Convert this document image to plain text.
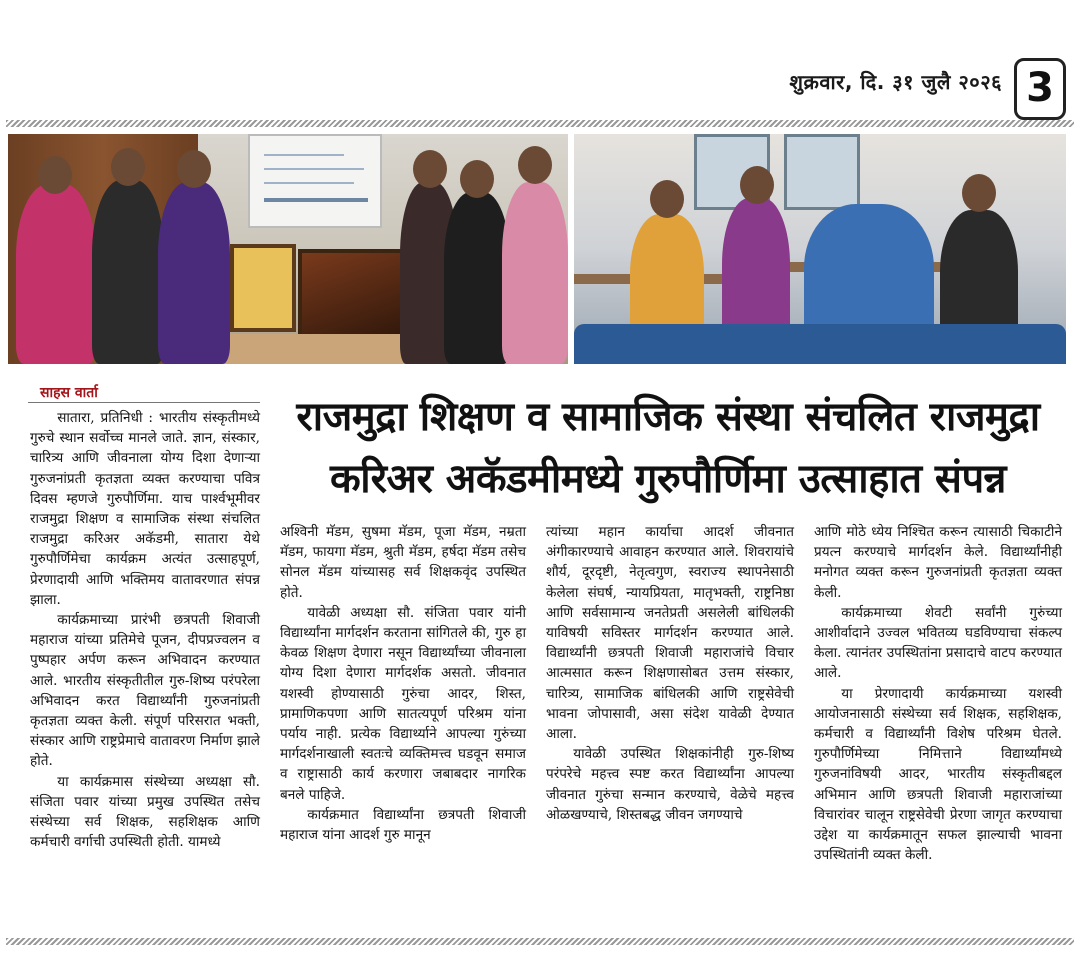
शुक्रवार, दि. ३१ जुलै २०२६ 3
साहस वार्ता
राजमुद्रा शिक्षण व सामाजिक संस्था संचलित राजमुद्रा
करिअर अकॅडमीमध्ये गुरुपौर्णिमा उत्साहात संपन्न

सातारा, प्रतिनिधी : भारतीय संस्कृतीमध्ये गुरुचे स्थान सर्वोच्च मानले जाते. ज्ञान, संस्कार, चारित्र्य आणि जीवनाला योग्य दिशा देणाऱ्या गुरुजनांप्रती कृतज्ञता व्यक्त करण्याचा पवित्र दिवस म्हणजे गुरुपौर्णिमा. याच पार्श्वभूमीवर राजमुद्रा शिक्षण व सामाजिक संस्था संचलित राजमुद्रा करिअर अकॅडमी, सातारा येथे गुरुपौर्णिमेचा कार्यक्रम अत्यंत उत्साहपूर्ण, प्रेरणादायी आणि भक्तिमय वातावरणात संपन्न झाला.

कार्यक्रमाच्या प्रारंभी छत्रपती शिवाजी महाराज यांच्या प्रतिमेचे पूजन, दीपप्रज्वलन व पुष्पहार अर्पण करून अभिवादन करण्यात आले. भारतीय संस्कृतीतील गुरु-शिष्य परंपरेला अभिवादन करत विद्यार्थ्यांनी गुरुजनांप्रती कृतज्ञता व्यक्त केली. संपूर्ण परिसरात भक्ती, संस्कार आणि राष्ट्रप्रेमाचे वातावरण निर्माण झाले होते.

या कार्यक्रमास संस्थेच्या अध्यक्षा सौ. संजिता पवार यांच्या प्रमुख उपस्थित तसेच संस्थेच्या सर्व शिक्षक, सहशिक्षक आणि कर्मचारी वर्गाची उपस्थिती होती. यामध्ये

अश्विनी मॅडम, सुषमा मॅडम, पूजा मॅडम, नम्रता मॅडम, फायगा मॅडम, श्रुती मॅडम, हर्षदा मॅडम तसेच सोनल मॅडम यांच्यासह सर्व शिक्षकवृंद उपस्थित होते.

यावेळी अध्यक्षा सौ. संजिता पवार यांनी विद्यार्थ्यांना मार्गदर्शन करताना सांगितले की, गुरु हा केवळ शिक्षण देणारा नसून विद्यार्थ्यांच्या जीवनाला योग्य दिशा देणारा मार्गदर्शक असतो. जीवनात यशस्वी होण्यासाठी गुरुंचा आदर, शिस्त, प्रामाणिकपणा आणि सातत्यपूर्ण परिश्रम यांना पर्याय नाही. प्रत्येक विद्यार्थ्याने आपल्या गुरुंच्या मार्गदर्शनाखाली स्वतःचे व्यक्तिमत्त्व घडवून समाज व राष्ट्रासाठी कार्य करणारा जबाबदार नागरिक बनले पाहिजे.

कार्यक्रमात विद्यार्थ्यांना छत्रपती शिवाजी महाराज यांना आदर्श गुरु मानून

त्यांच्या महान कार्याचा आदर्श जीवनात अंगीकारण्याचे आवाहन करण्यात आले. शिवरायांचे शौर्य, दूरदृष्टी, नेतृत्वगुण, स्वराज्य स्थापनेसाठी केलेला संघर्ष, न्यायप्रियता, मातृभक्ती, राष्ट्रनिष्ठा आणि सर्वसामान्य जनतेप्रती असलेली बांधिलकी याविषयी सविस्तर मार्गदर्शन करण्यात आले. विद्यार्थ्यांनी छत्रपती शिवाजी महाराजांचे विचार आत्मसात करून शिक्षणासोबत उत्तम संस्कार, चारित्र्य, सामाजिक बांधिलकी आणि राष्ट्रसेवेची भावना जोपासावी, असा संदेश यावेळी देण्यात आला.

यावेळी उपस्थित शिक्षकांनीही गुरु-शिष्य परंपरेचे महत्त्व स्पष्ट करत विद्यार्थ्यांना आपल्या जीवनात गुरुंचा सन्मान करण्याचे, वेळेचे महत्त्व ओळखण्याचे, शिस्तबद्ध जीवन जगण्याचे

आणि मोठे ध्येय निश्चित करून त्यासाठी चिकाटीने प्रयत्न करण्याचे मार्गदर्शन केले. विद्यार्थ्यांनीही मनोगत व्यक्त करून गुरुजनांप्रती कृतज्ञता व्यक्त केली.

कार्यक्रमाच्या शेवटी सर्वांनी गुरुंच्या आशीर्वादाने उज्वल भवितव्य घडविण्याचा संकल्प केला. त्यानंतर उपस्थितांना प्रसादाचे वाटप करण्यात आले.

या प्रेरणादायी कार्यक्रमाच्या यशस्वी आयोजनासाठी संस्थेच्या सर्व शिक्षक, सहशिक्षक, कर्मचारी व विद्यार्थ्यांनी विशेष परिश्रम घेतले. गुरुपौर्णिमेच्या निमित्ताने विद्यार्थ्यांमध्ये गुरुजनांविषयी आदर, भारतीय संस्कृतीबद्दल अभिमान आणि छत्रपती शिवाजी महाराजांच्या विचारांवर चालून राष्ट्रसेवेची प्रेरणा जागृत करण्याचा उद्देश या कार्यक्रमातून सफल झाल्याची भावना उपस्थितांनी व्यक्त केली.
